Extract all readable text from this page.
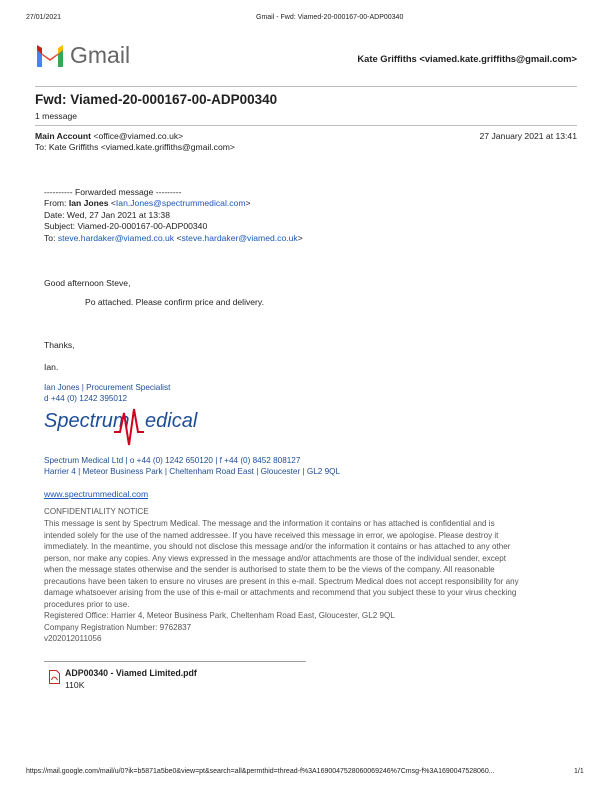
27/01/2021	Gmail - Fwd: Viamed-20-000167-00-ADP00340
Gmail	Kate Griffiths <viamed.kate.griffiths@gmail.com>
Fwd: Viamed-20-000167-00-ADP00340
1 message
Main Account <office@viamed.co.uk>	27 January 2021 at 13:41
To: Kate Griffiths <viamed.kate.griffiths@gmail.com>
---------- Forwarded message ---------
From: Ian Jones <Ian.Jones@spectrummedical.com>
Date: Wed, 27 Jan 2021 at 13:38
Subject: Viamed-20-000167-00-ADP00340
To: steve.hardaker@viamed.co.uk <steve.hardaker@viamed.co.uk>
Good afternoon Steve,
Po attached. Please confirm price and delivery.
Thanks,
Ian.
Ian Jones | Procurement Specialist
d +44 (0) 1242 395012
Spectrum edical
Spectrum Medical Ltd | o +44 (0) 1242 650120 | f +44 (0) 8452 808127
Harrier 4 | Meteor Business Park | Cheltenham Road East | Gloucester | GL2 9QL
www.spectrummedical.com
CONFIDENTIALITY NOTICE
This message is sent by Spectrum Medical. The message and the information it contains or has attached is confidential and is
intended solely for the use of the named addressee. If you have received this message in error, we apologise. Please destroy it
immediately. In the meantime, you should not disclose this message and/or the information it contains or has attached to any other
person, nor make any copies. Any views expressed in the message and/or attachments are those of the individual sender, except
when the message states otherwise and the sender is authorised to state them to be the views of the company. All reasonable
precautions have been taken to ensure no viruses are present in this e-mail. Spectrum Medical does not accept responsibility for any
damage whatsoever arising from the use of this e-mail or attachments and recommend that you subject these to your virus checking
procedures prior to use.
Registered Office: Harrier 4, Meteor Business Park, Cheltenham Road East, Gloucester, GL2 9QL
Company Registration Number: 9762837
v202012011056
ADP00340 - Viamed Limited.pdf
110K
https://mail.google.com/mail/u/0?ik=b5871a5be0&view=pt&search=all&permthid=thread-f%3A1690047528060069246%7Cmsg-f%3A1690047528060...	1/1
